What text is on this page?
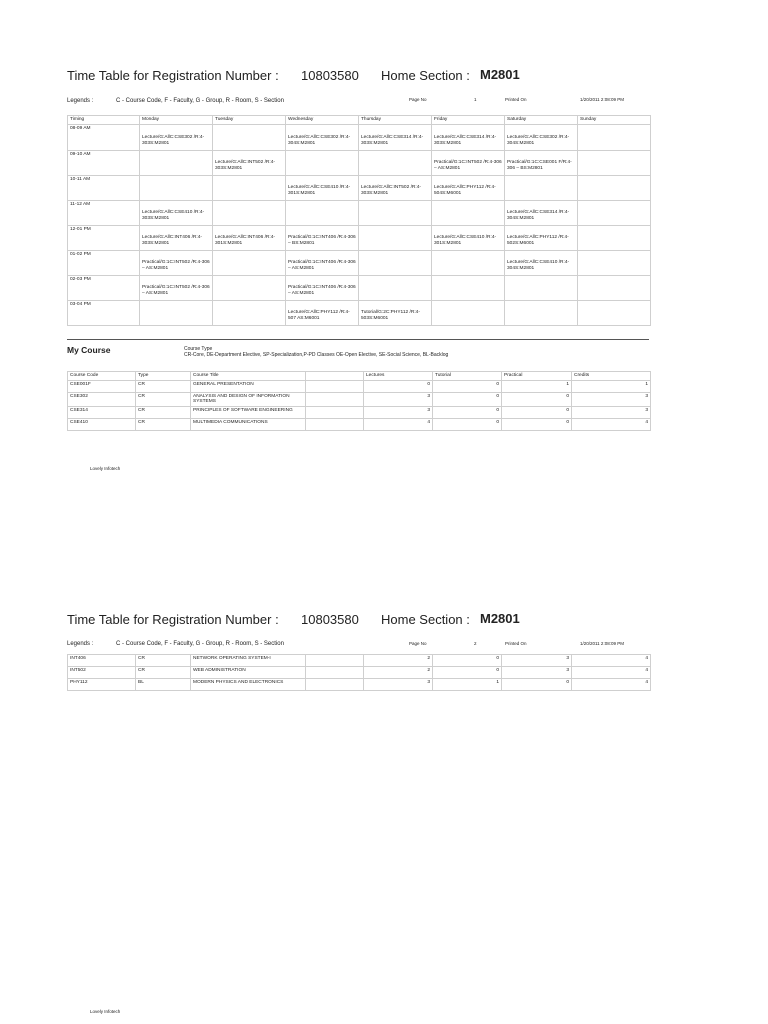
Time Table for Registration Number : 10803580 Home Section : M2801
Legends :	C - Course Code, F - Faculty, G - Group, R - Room, S - Section	Page No	1	Printed On	1/20/2011 2:08:09 PM
Timing	Monday	Tuesday	Wednesday	Thursday	Friday	Saturday	Sunday
08-09 AM	Lecture/G:AllC:CSE302 /R:4-303S:M2801		Lecture/G:AllC:CSE302 /R:4-304S:M2801	Lecture/G:AllC:CSE314 /R:4-303S:M2801	Lecture/G:AllC:CSE314 /R:4-303S:M2801	Lecture/G:AllC:CSE302 /R:4-304S:M2801	
09-10 AM		Lecture/G:AllC:INT502 /R:4-303S:M2801			Practical/G:1C:INT502 /R:4-306 – AS:M2801	Practical/G:1C:CSE001 F/R:4-306 – BS:M2801	
10-11 AM			Lecture/G:AllC:CSE410 /R:4-301S:M2801	Lecture/G:AllC:INT502 /R:4-303S:M2801	Lecture/G:AllC:PHY112 /R:4-504S:M6001		
11-12 AM	Lecture/G:AllC:CSE410 /R:4-303S:M2801					Lecture/G:AllC:CSE314 /R:4-304S:M2801	
12-01 PM	Lecture/G:AllC:INT406 /R:4-303S:M2801	Lecture/G:AllC:INT406 /R:4-301S:M2801	Practical/G:1C:INT406 /R:4-306 – BS:M2801		Lecture/G:AllC:CSE410 /R:4-301S:M2801	Lecture/G:AllC:PHY112 /R:4-502S:M6001	
01-02 PM	Practical/G:1C:INT502 /R:4-306 – AS:M2801		Practical/G:1C:INT406 /R:4-306 – AS:M2801			Lecture/G:AllC:CSE410 /R:4-304S:M2801	
02-03 PM	Practical/G:1C:INT502 /R:4-306 – AS:M2801		Practical/G:1C:INT406 /R:4-306 – AS:M2801				
03-04 PM			Lecture/G:AllC:PHY112 /R:4-507 AS:M6001	Tutorial/G:2C:PHY112 /R:4-503S:M6001			
My Course	Course Type
CR-Core, DE-Department Elective, SP-Specialization,P-PD Classes OE-Open Elective, SE-Social Science, BL-Backlog
Course Code	Type	Course Title		Lectures	Tutorial	Practical	Credits
CSE001F	CR	GENERAL PRESENTATION		0	0	1	1
CSE302	CR	ANALYSIS AND DESIGN OF INFORMATION SYSTEMS		3	0	0	3
CSE314	CR	PRINCIPLES OF SOFTWARE ENGINEERING		3	0	0	3
CSE410	CR	MULTIMEDIA COMMUNICATIONS		4	0	0	4
Lovely Infotech
Time Table for Registration Number : 10803580 Home Section : M2801
Legends :	C - Course Code, F - Faculty, G - Group, R - Room, S - Section	Page No	2	Printed On	1/20/2011 2:08:09 PM
INT406	CR	NETWORK OPERATING SYSTEM-I		2	0	3	4
INT502	CR	WEB ADMINISTRATION		2	0	3	4
PHY112	BL	MODERN PHYSICS AND ELECTRONICS		3	1	0	4
Lovely Infotech
